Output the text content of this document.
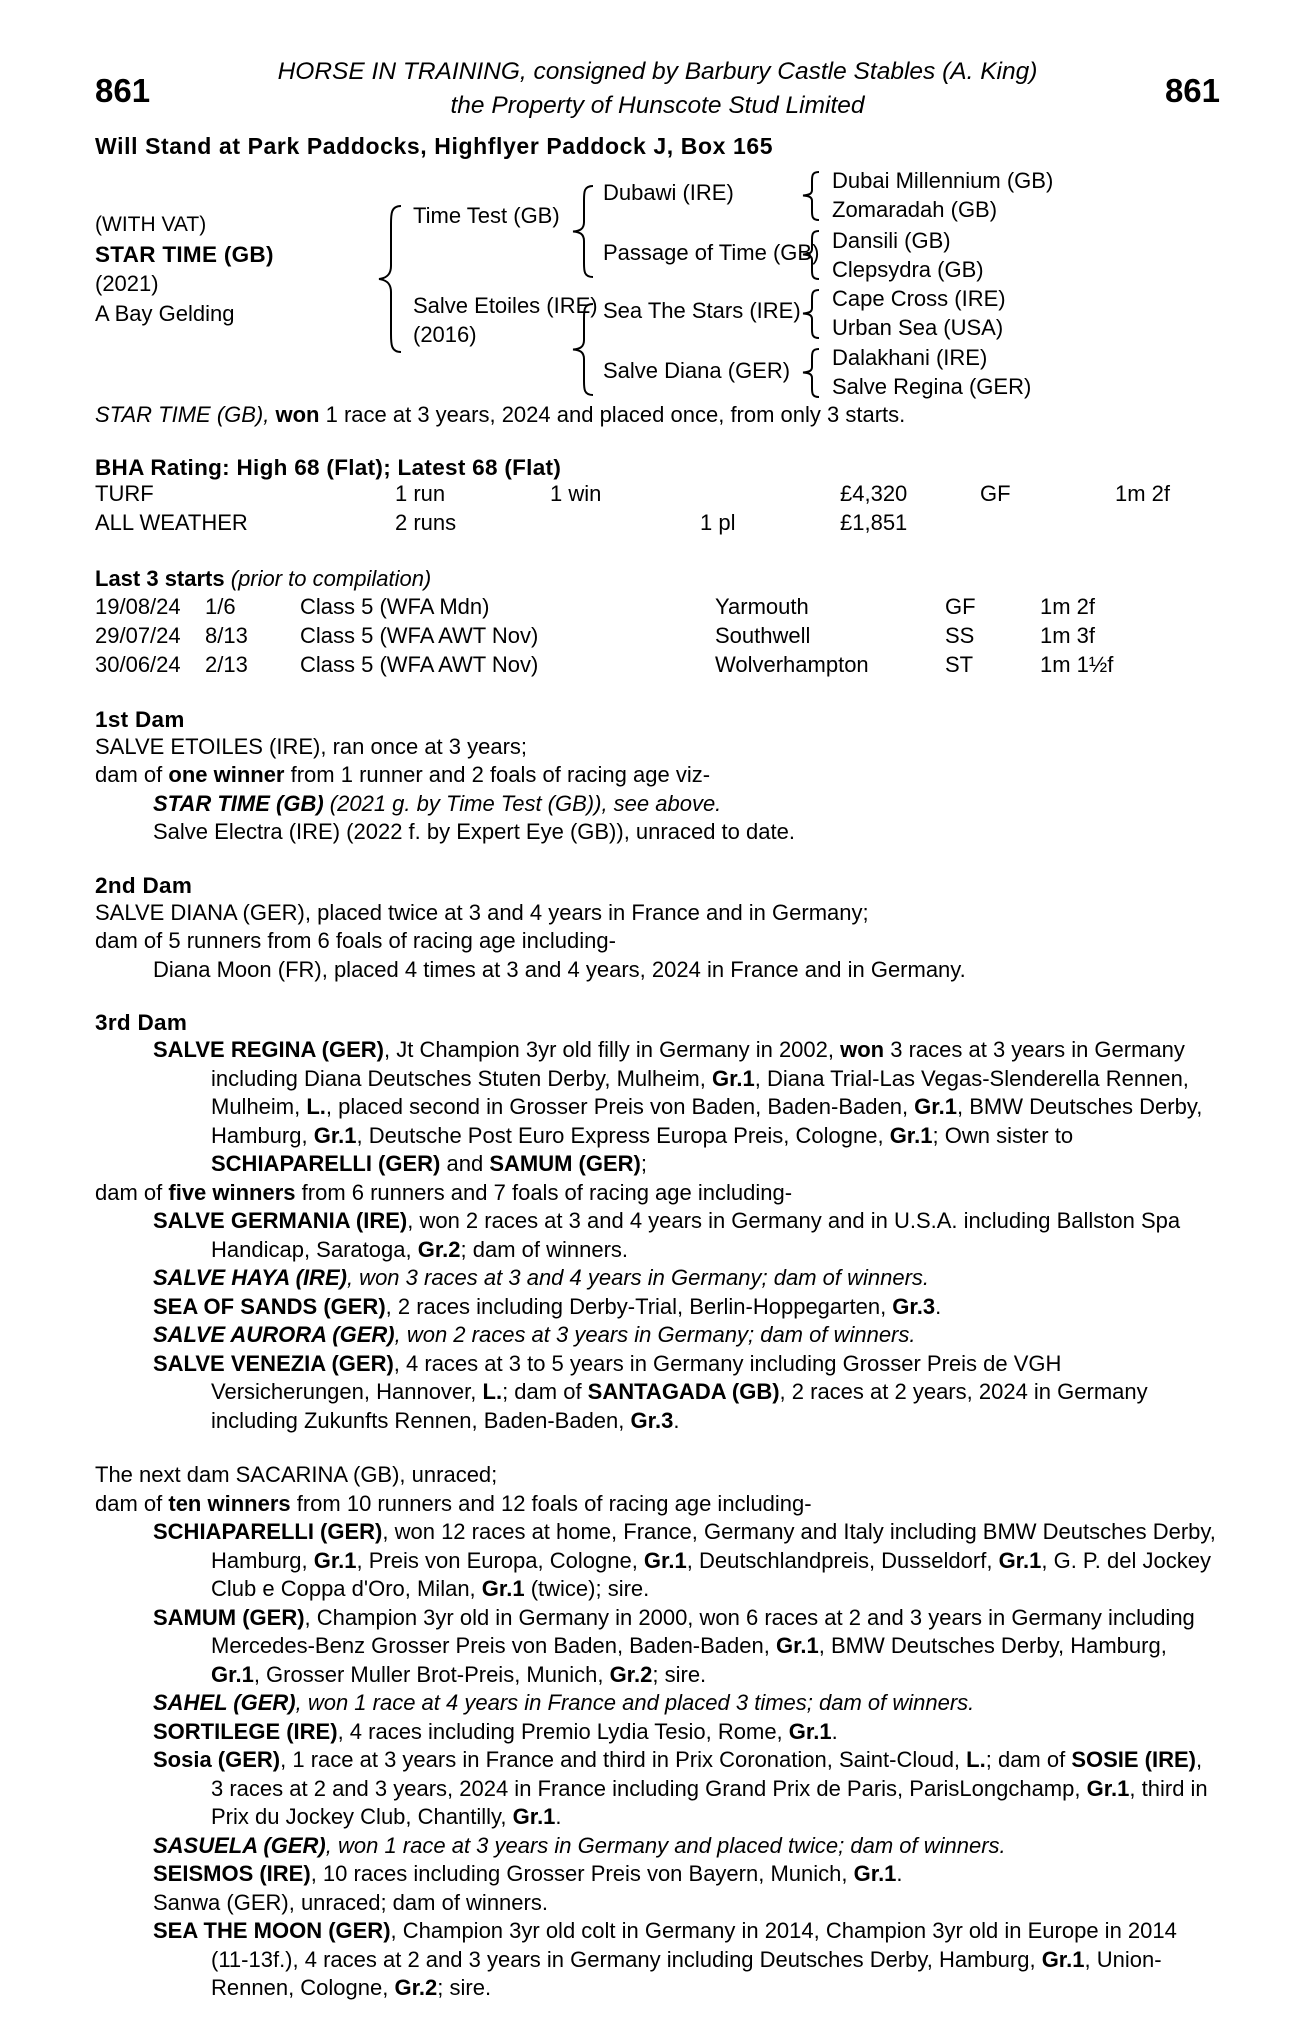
861	861
HORSE IN TRAINING, consigned by Barbury Castle Stables (A. King)
the Property of Hunscote Stud Limited
Will Stand at Park Paddocks, Highflyer Paddock J, Box 165
(WITH VAT)
STAR TIME (GB)
(2021)
A Bay Gelding
Time Test (GB)
Salve Etoiles (IRE)
(2016)
Dubawi (IRE)
Passage of Time (GB)
Sea The Stars (IRE)
Salve Diana (GER)
Dubai Millennium (GB)
Zomaradah (GB)
Dansili (GB)
Clepsydra (GB)
Cape Cross (IRE)
Urban Sea (USA)
Dalakhani (IRE)
Salve Regina (GER)
STAR TIME (GB), won 1 race at 3 years, 2024 and placed once, from only 3 starts.
BHA Rating: High 68 (Flat); Latest 68 (Flat)
TURF	1 run	1 win		£4,320	GF	1m 2f
ALL WEATHER	2 runs		1 pl	£1,851		
Last 3 starts (prior to compilation)
19/08/24	1/6	Class 5 (WFA Mdn)	Yarmouth	GF	1m 2f
29/07/24	8/13	Class 5 (WFA AWT Nov)	Southwell	SS	1m 3f
30/06/24	2/13	Class 5 (WFA AWT Nov)	Wolverhampton	ST	1m 1½f
1st Dam

SALVE ETOILES (IRE), ran once at 3 years;

dam of one winner from 1 runner and 2 foals of racing age viz-

STAR TIME (GB) (2021 g. by Time Test (GB)), see above.

Salve Electra (IRE) (2022 f. by Expert Eye (GB)), unraced to date.

2nd Dam

SALVE DIANA (GER), placed twice at 3 and 4 years in France and in Germany;

dam of 5 runners from 6 foals of racing age including-

Diana Moon (FR), placed 4 times at 3 and 4 years, 2024 in France and in Germany.

3rd Dam

SALVE REGINA (GER), Jt Champion 3yr old filly in Germany in 2002, won 3 races at 3 years in Germany including Diana Deutsches Stuten Derby, Mulheim, Gr.1, Diana Trial-Las Vegas-Slenderella Rennen, Mulheim, L., placed second in Grosser Preis von Baden, Baden-Baden, Gr.1, BMW Deutsches Derby, Hamburg, Gr.1, Deutsche Post Euro Express Europa Preis, Cologne, Gr.1; Own sister to SCHIAPARELLI (GER) and SAMUM (GER);

dam of five winners from 6 runners and 7 foals of racing age including-

SALVE GERMANIA (IRE), won 2 races at 3 and 4 years in Germany and in U.S.A. including Ballston Spa Handicap, Saratoga, Gr.2; dam of winners.

SALVE HAYA (IRE), won 3 races at 3 and 4 years in Germany; dam of winners.

SEA OF SANDS (GER), 2 races including Derby-Trial, Berlin-Hoppegarten, Gr.3.

SALVE AURORA (GER), won 2 races at 3 years in Germany; dam of winners.

SALVE VENEZIA (GER), 4 races at 3 to 5 years in Germany including Grosser Preis de VGH Versicherungen, Hannover, L.; dam of SANTAGADA (GB), 2 races at 2 years, 2024 in Germany including Zukunfts Rennen, Baden-Baden, Gr.3.

The next dam SACARINA (GB), unraced;

dam of ten winners from 10 runners and 12 foals of racing age including-

SCHIAPARELLI (GER), won 12 races at home, France, Germany and Italy including BMW Deutsches Derby, Hamburg, Gr.1, Preis von Europa, Cologne, Gr.1, Deutschlandpreis, Dusseldorf, Gr.1, G. P. del Jockey Club e Coppa d'Oro, Milan, Gr.1 (twice); sire.

SAMUM (GER), Champion 3yr old in Germany in 2000, won 6 races at 2 and 3 years in Germany including Mercedes-Benz Grosser Preis von Baden, Baden-Baden, Gr.1, BMW Deutsches Derby, Hamburg, Gr.1, Grosser Muller Brot-Preis, Munich, Gr.2; sire.

SAHEL (GER), won 1 race at 4 years in France and placed 3 times; dam of winners.

SORTILEGE (IRE), 4 races including Premio Lydia Tesio, Rome, Gr.1.

Sosia (GER), 1 race at 3 years in France and third in Prix Coronation, Saint-Cloud, L.; dam of SOSIE (IRE), 3 races at 2 and 3 years, 2024 in France including Grand Prix de Paris, ParisLongchamp, Gr.1, third in Prix du Jockey Club, Chantilly, Gr.1.

SASUELA (GER), won 1 race at 3 years in Germany and placed twice; dam of winners.

SEISMOS (IRE), 10 races including Grosser Preis von Bayern, Munich, Gr.1.

Sanwa (GER), unraced; dam of winners.

SEA THE MOON (GER), Champion 3yr old colt in Germany in 2014, Champion 3yr old in Europe in 2014 (11-13f.), 4 races at 2 and 3 years in Germany including Deutsches Derby, Hamburg, Gr.1, Union-Rennen, Cologne, Gr.2; sire.
